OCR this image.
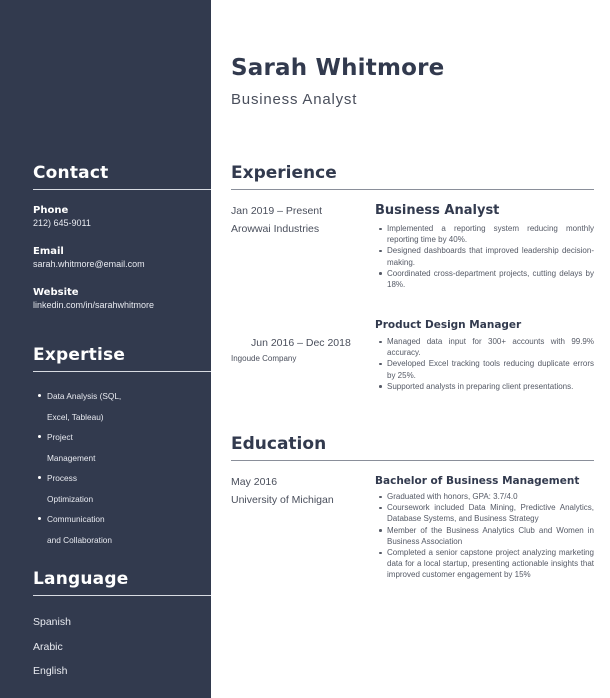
Contact
Phone
212) 645-9011
Email
sarah.whitmore@email.com
Website
linkedin.com/in/sarahwhitmore
Expertise
Data Analysis (SQL,
Excel, Tableau)
Project
Management
Process
Optimization
Communication
and Collaboration
Language
Spanish
Arabic
English
Sarah Whitmore
Business Analyst
Experience
Jan 2019 – Present
Arowwai Industries
Business Analyst
Implemented a reporting system reducing monthly reporting time by 40%.
Designed dashboards that improved leadership decision-making.
Coordinated cross-department projects, cutting delays by 18%.
Jun 2016 – Dec 2018
Ingoude Company
Product Design Manager
Managed data input for 300+ accounts with 99.9% accuracy.
Developed Excel tracking tools reducing duplicate errors by 25%.
Supported analysts in preparing client presentations.
Education
May 2016
University of Michigan
Bachelor of Business Management
Graduated with honors, GPA: 3.7/4.0
Coursework included Data Mining, Predictive Analytics, Database Systems, and Business Strategy
Member of the Business Analytics Club and Women in Business Association
Completed a senior capstone project analyzing marketing data for a local startup, presenting actionable insights that improved customer engagement by 15%
